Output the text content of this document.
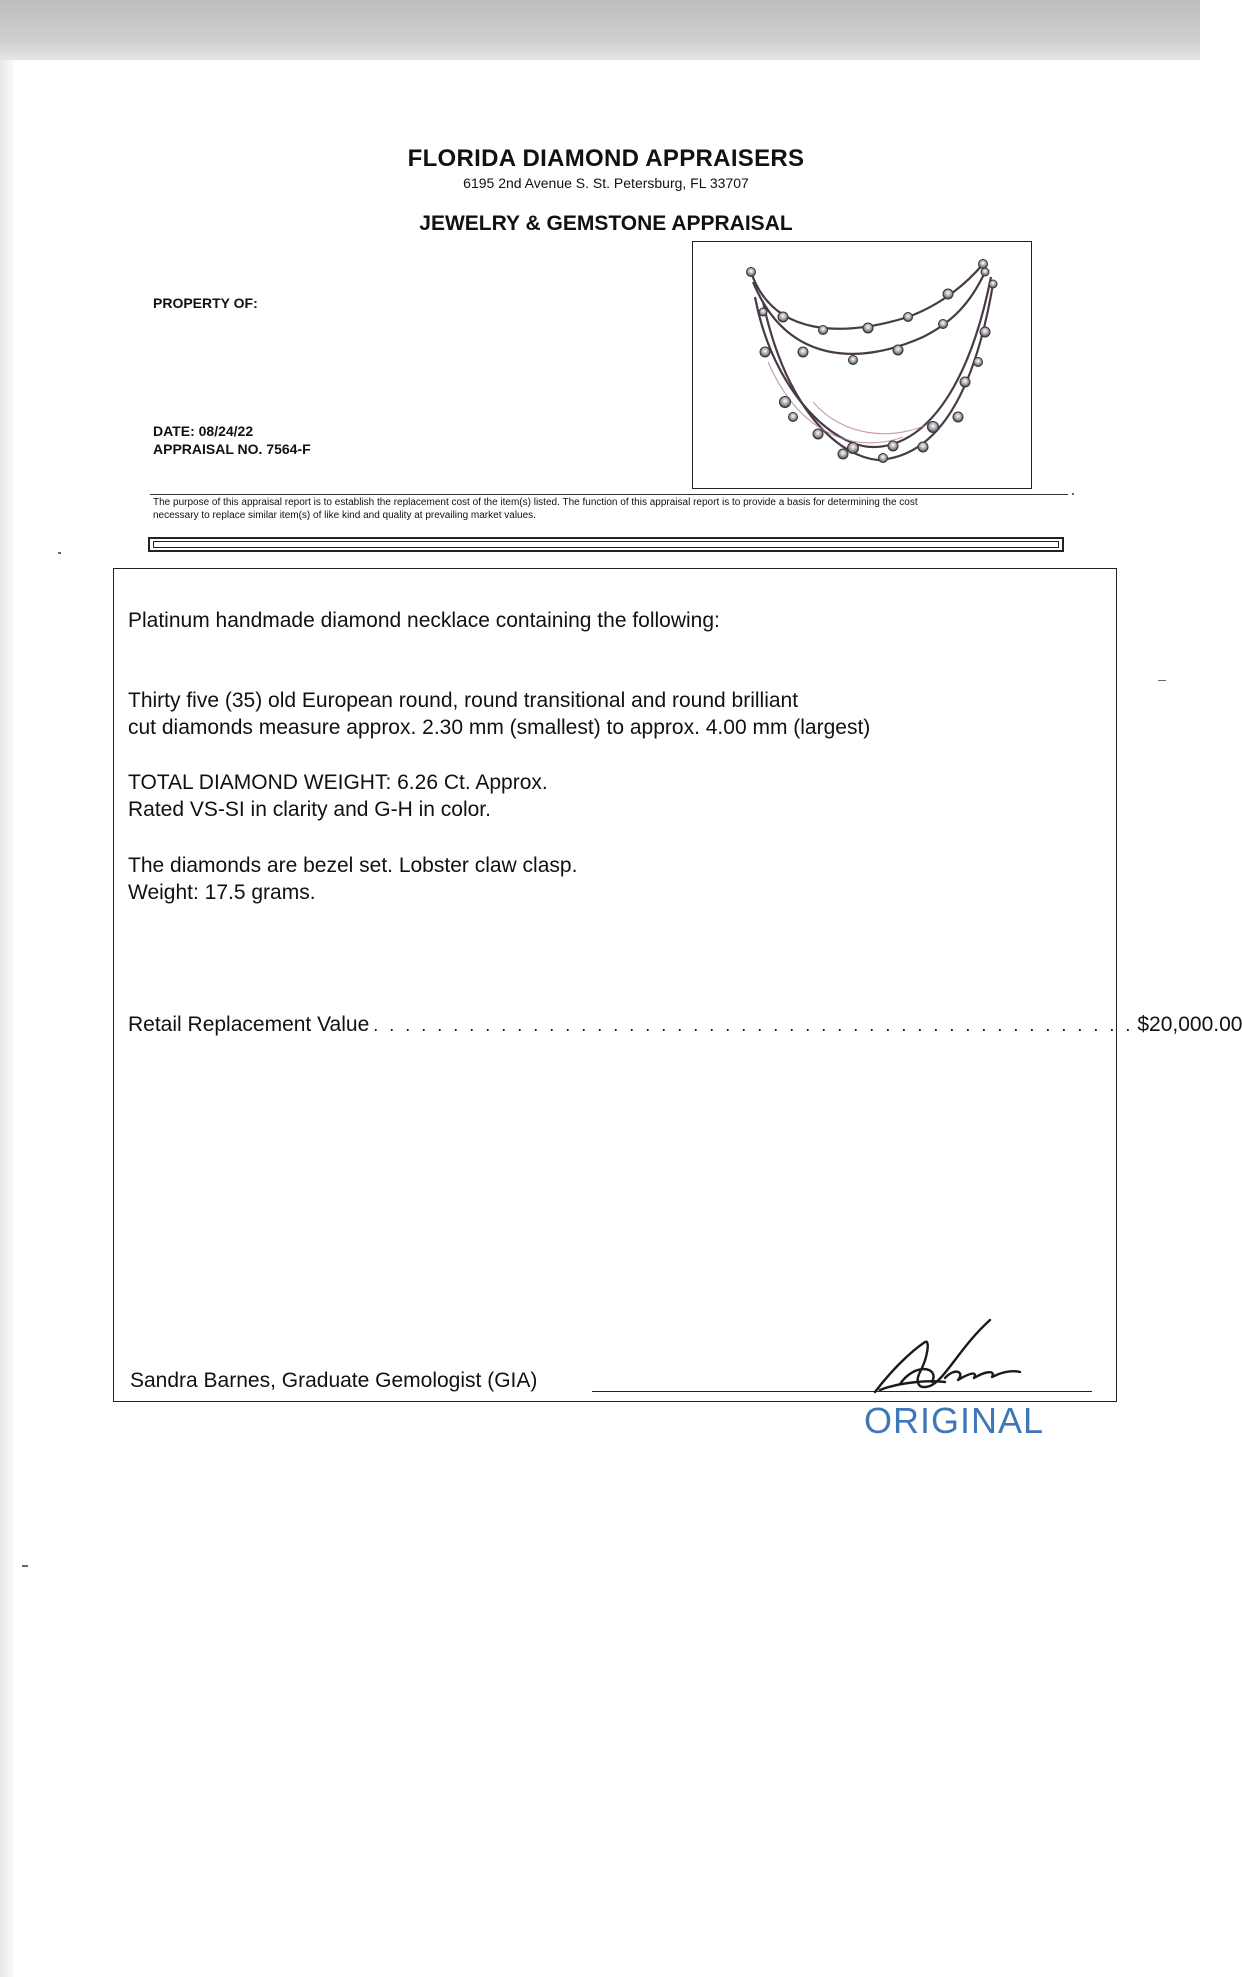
FLORIDA DIAMOND APPRAISERS
6195 2nd Avenue S. St. Petersburg, FL 33707
JEWELRY & GEMSTONE APPRAISAL
PROPERTY OF:
DATE: 08/24/22
APPRAISAL NO. 7564-F
The purpose of this appraisal report is to establish the replacement cost of the item(s) listed. The function of this appraisal report is to provide a basis for determining the cost
necessary to replace similar item(s) of like kind and quality at prevailing market values.
Platinum handmade diamond necklace containing the following:
Thirty five (35) old European round, round transitional and round brilliant
cut diamonds measure approx. 2.30 mm (smallest) to approx. 4.00 mm (largest)
TOTAL DIAMOND WEIGHT: 6.26 Ct. Approx.
Rated VS-SI in clarity and G-H in color.
The diamonds are bezel set. Lobster claw clasp.
Weight: 17.5 grams.
Retail Replacement Value . . . . . . . . . . . . . . . . . . . . . . . . . . . . . . . . . . . . . . . . . . . . . . . . $20,000.00
Sandra Barnes, Graduate Gemologist (GIA)
ORIGINAL
